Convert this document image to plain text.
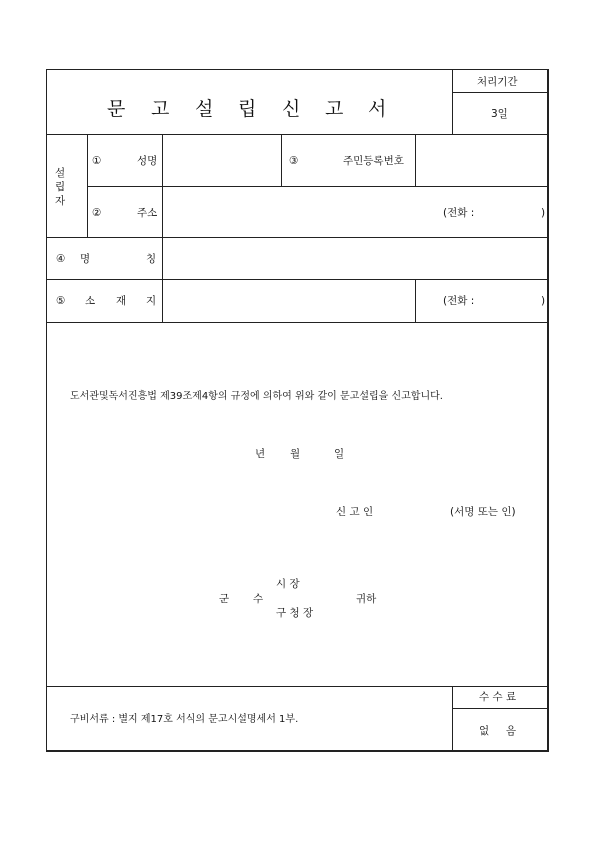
문 고 설 립 신 고 서
처리기간
3일
설
립
자
①	성명	③	주민등록번호
②	주소	(전화 :	)
④ 명	칭
⑤ 소 재 지	(전화 :	)
도서관및독서진흥법 제39조제4항의 규정에 의하여 위와 같이 문고설립을 신고합니다.
년 월	일
신 고 인	(서명 또는 인)
시 장
군 수
구 청 장
귀하
구비서류 : 별지 제17호 서식의 문고시설명세서 1부.
수 수 료
없     음
